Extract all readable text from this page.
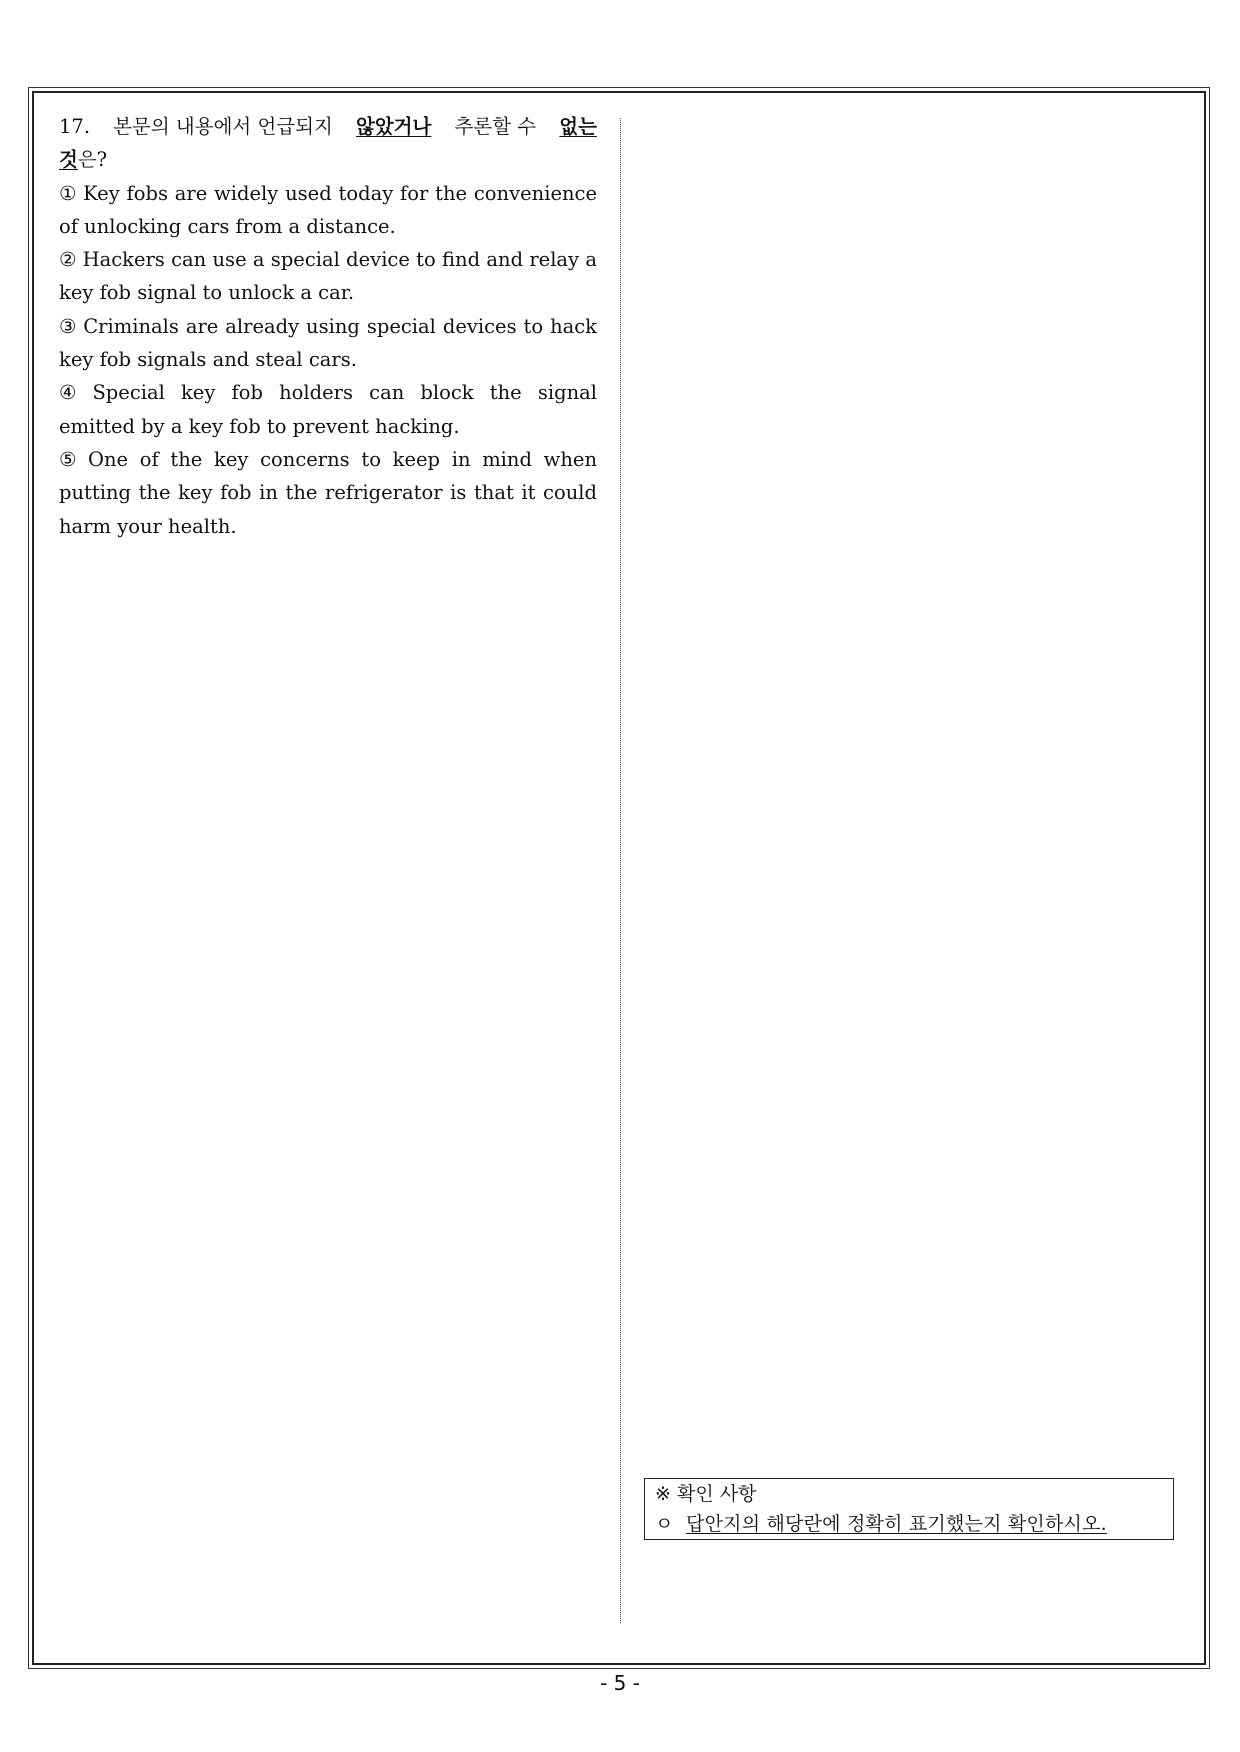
17. 본문의 내용에서 언급되지 않았거나 추론할 수 없는
것은?

① Key fobs are widely used today for the convenience of unlocking cars from a distance.

② Hackers can use a special device to find and relay a key fob signal to unlock a car.

③ Criminals are already using special devices to hack key fob signals and steal cars.

④ Special key fob holders can block the signal emitted by a key fob to prevent hacking.

⑤ One of the key concerns to keep in mind when putting the key fob in the refrigerator is that it could harm your health.

※ 확인 사항
ㅇ 답안지의 해당란에 정확히 표기했는지 확인하시오.
- 5 -
